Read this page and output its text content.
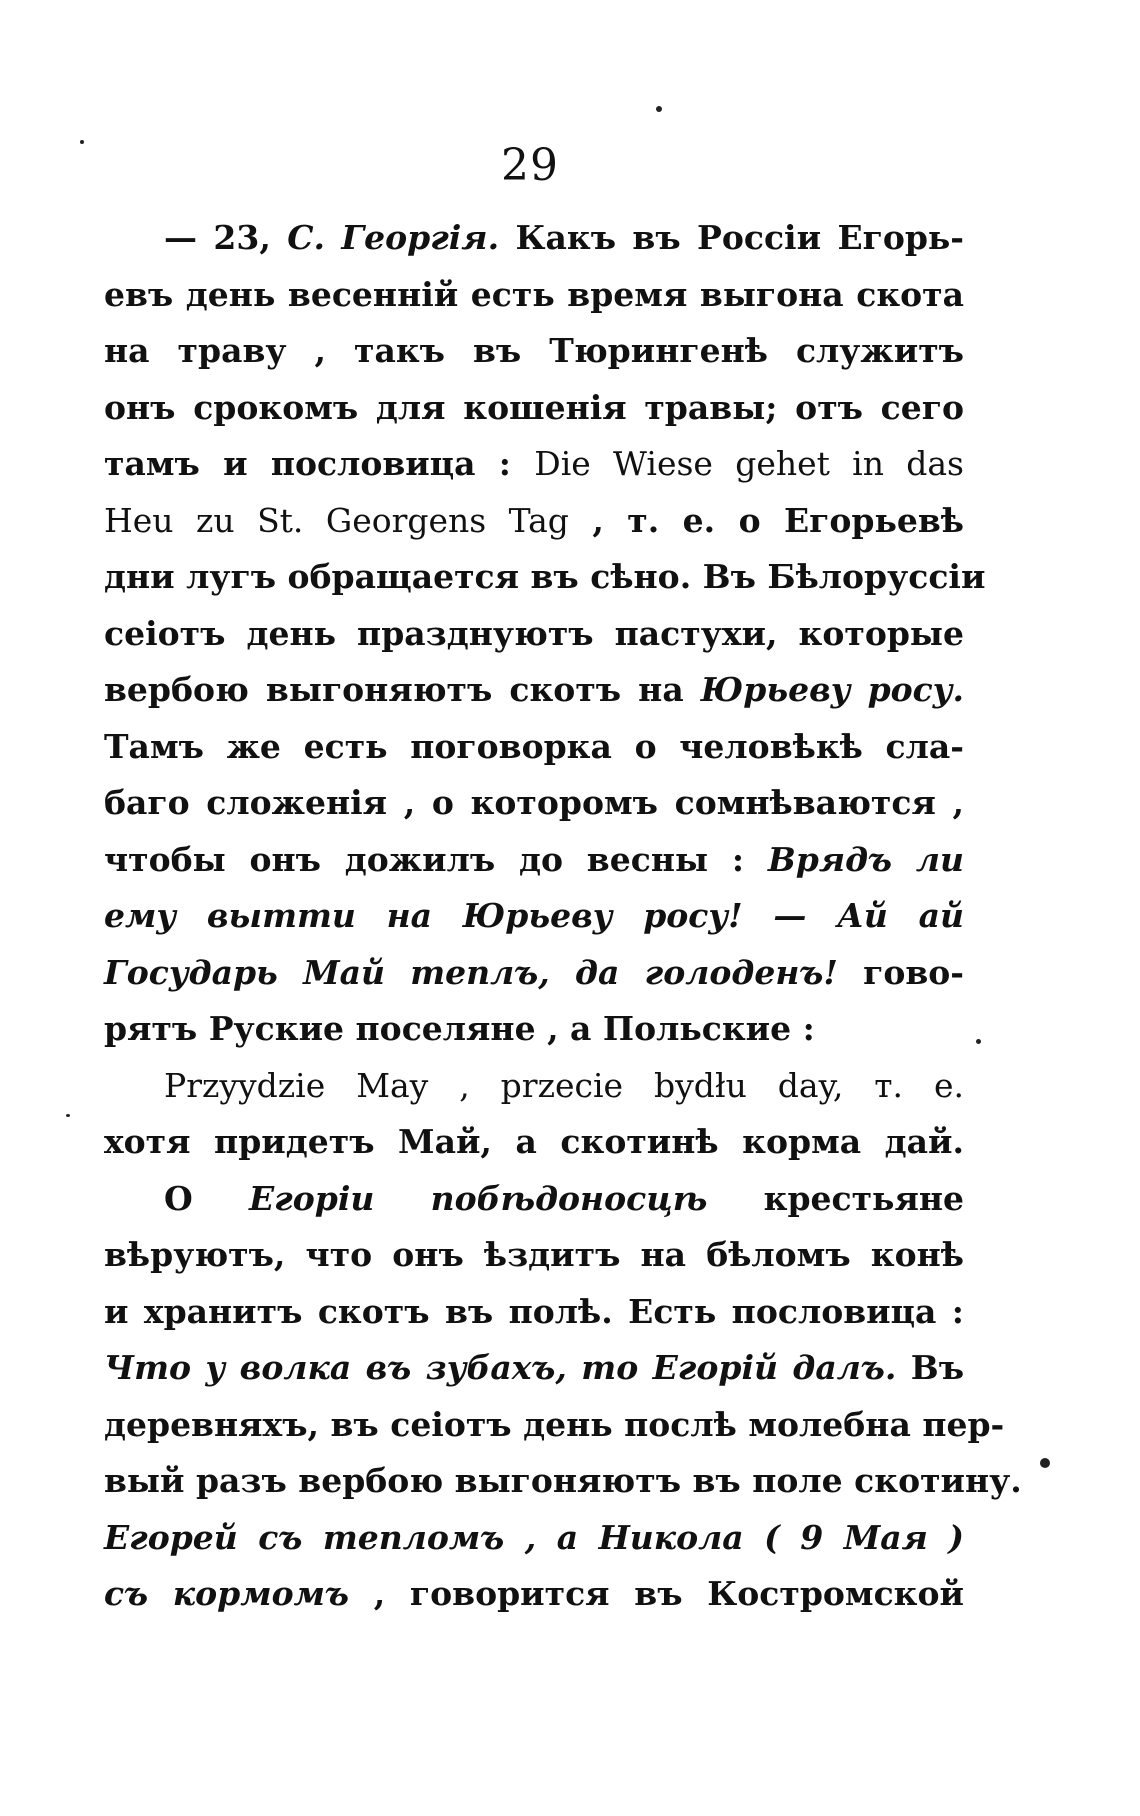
29
— 23, С. Георгія. Какъ въ Россіи Егорь-
евъ день весенній есть время выгона скота
на траву , такъ въ Тюрингенѣ служитъ
онъ срокомъ для кошенія травы; отъ сего
тамъ и пословица : Die Wiese gehet in das
Heu zu St. Georgens Tag , т. е. о Егорьевѣ
дни лугъ обращается въ сѣно. Въ Бѣлоруссіи
сеіотъ день празднуютъ пастухи, которые
вербою выгоняютъ скотъ на Юрьеву росу.
Тамъ же есть поговорка о человѣкѣ сла-
баго сложенія , о которомъ сомнѣваются ,
чтобы онъ дожилъ до весны : Врядъ ли
ему вытти на Юрьеву росу! — Ай ай
Государь Май теплъ, да голоденъ! гово-
рятъ Руские поселяне , а Польские :
Przyydzie May , przecie bydłu day, т. е.
хотя придетъ Май, а скотинѣ корма дай.
О Егоріи побѣдоносцѣ крестьяне
вѣруютъ, что онъ ѣздитъ на бѣломъ конѣ
и хранитъ скотъ въ полѣ. Есть пословица :
Что у волка въ зубахъ, то Егорій далъ. Въ
деревняхъ, въ сеіотъ день послѣ молебна пер-
вый разъ вербою выгоняютъ въ поле скотину.
Егорей съ тепломъ , а Никола ( 9 Мая )
съ кормомъ , говорится въ Костромской
